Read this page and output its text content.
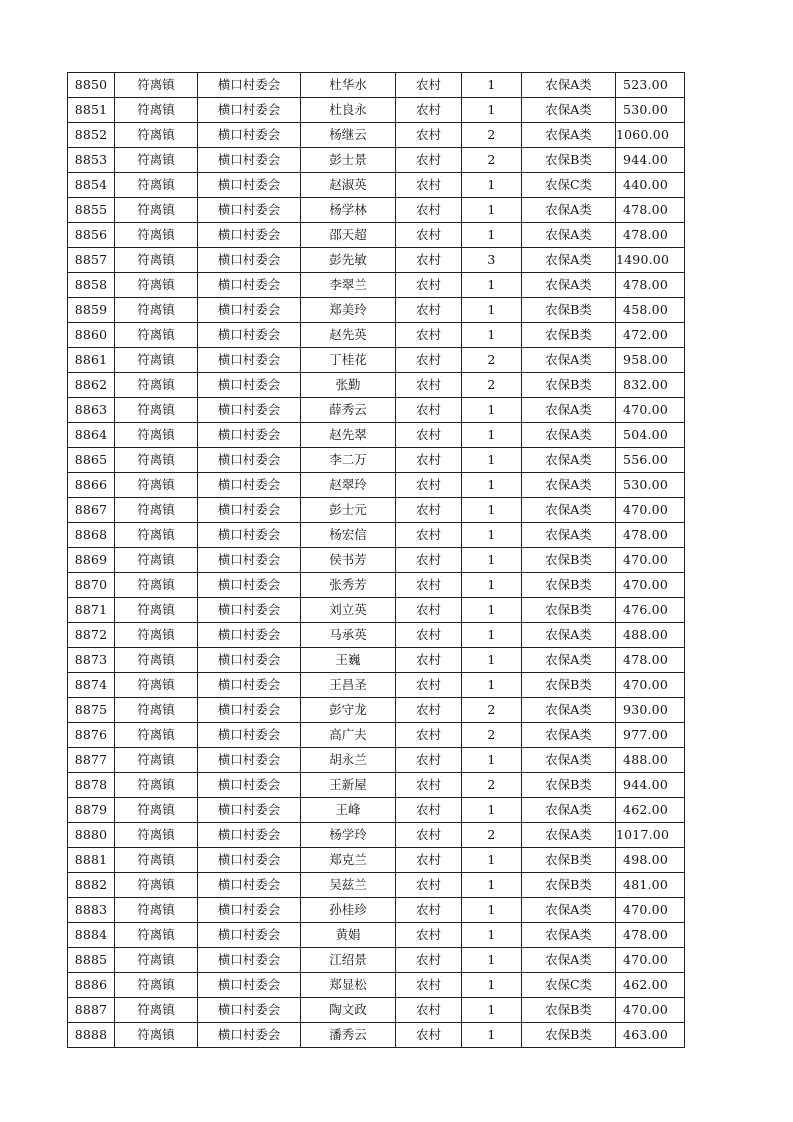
8850	符离镇	横口村委会	杜华水	农村	1	农保A类	523.00
8851	符离镇	横口村委会	杜良永	农村	1	农保A类	530.00
8852	符离镇	横口村委会	杨继云	农村	2	农保A类	1060.00
8853	符离镇	横口村委会	彭士景	农村	2	农保B类	944.00
8854	符离镇	横口村委会	赵淑英	农村	1	农保C类	440.00
8855	符离镇	横口村委会	杨学林	农村	1	农保A类	478.00
8856	符离镇	横口村委会	邵天超	农村	1	农保A类	478.00
8857	符离镇	横口村委会	彭先敏	农村	3	农保A类	1490.00
8858	符离镇	横口村委会	李翠兰	农村	1	农保A类	478.00
8859	符离镇	横口村委会	郑美玲	农村	1	农保B类	458.00
8860	符离镇	横口村委会	赵先英	农村	1	农保B类	472.00
8861	符离镇	横口村委会	丁桂花	农村	2	农保A类	958.00
8862	符离镇	横口村委会	张勤	农村	2	农保B类	832.00
8863	符离镇	横口村委会	薛秀云	农村	1	农保A类	470.00
8864	符离镇	横口村委会	赵先翠	农村	1	农保A类	504.00
8865	符离镇	横口村委会	李二万	农村	1	农保A类	556.00
8866	符离镇	横口村委会	赵翠玲	农村	1	农保A类	530.00
8867	符离镇	横口村委会	彭士元	农村	1	农保A类	470.00
8868	符离镇	横口村委会	杨宏信	农村	1	农保A类	478.00
8869	符离镇	横口村委会	侯书芳	农村	1	农保B类	470.00
8870	符离镇	横口村委会	张秀芳	农村	1	农保B类	470.00
8871	符离镇	横口村委会	刘立英	农村	1	农保B类	476.00
8872	符离镇	横口村委会	马承英	农村	1	农保A类	488.00
8873	符离镇	横口村委会	王巍	农村	1	农保A类	478.00
8874	符离镇	横口村委会	王昌圣	农村	1	农保B类	470.00
8875	符离镇	横口村委会	彭守龙	农村	2	农保A类	930.00
8876	符离镇	横口村委会	高广夫	农村	2	农保A类	977.00
8877	符离镇	横口村委会	胡永兰	农村	1	农保A类	488.00
8878	符离镇	横口村委会	王新屋	农村	2	农保B类	944.00
8879	符离镇	横口村委会	王峰	农村	1	农保A类	462.00
8880	符离镇	横口村委会	杨学玲	农村	2	农保A类	1017.00
8881	符离镇	横口村委会	郑克兰	农村	1	农保B类	498.00
8882	符离镇	横口村委会	吴兹兰	农村	1	农保B类	481.00
8883	符离镇	横口村委会	孙桂珍	农村	1	农保A类	470.00
8884	符离镇	横口村委会	黄娟	农村	1	农保A类	478.00
8885	符离镇	横口村委会	江绍景	农村	1	农保A类	470.00
8886	符离镇	横口村委会	郑显松	农村	1	农保C类	462.00
8887	符离镇	横口村委会	陶文政	农村	1	农保B类	470.00
8888	符离镇	横口村委会	潘秀云	农村	1	农保B类	463.00
